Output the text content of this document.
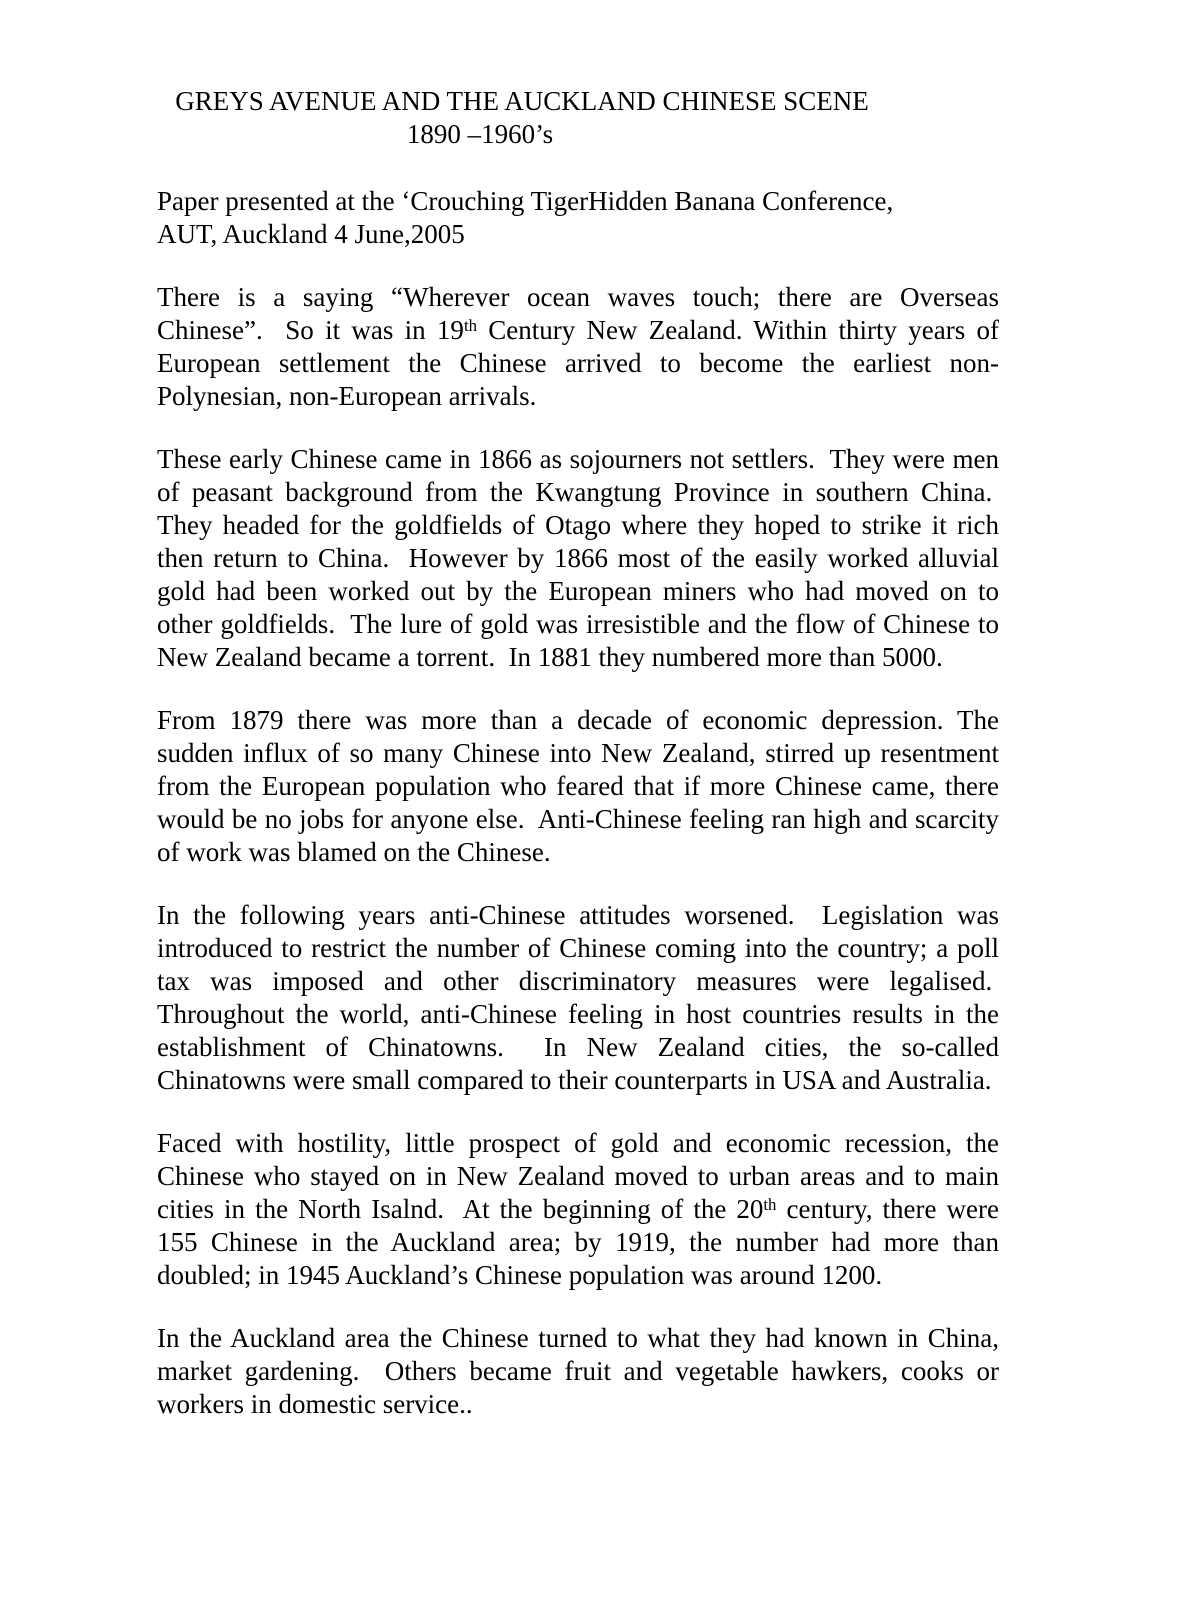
GREYS AVENUE AND THE AUCKLAND CHINESE SCENE
1890 –1960’s

Paper presented at the ‘Crouching TigerHidden Banana Conference,
AUT, Auckland 4 June,2005

There is a saying “Wherever ocean waves touch; there are Overseas Chinese”.  So it was in 19th Century New Zealand. Within thirty years of European settlement the Chinese arrived to become the earliest non-Polynesian, non-European arrivals.

These early Chinese came in 1866 as sojourners not settlers.  They were men of peasant background from the Kwangtung Province in southern China.  They headed for the goldfields of Otago where they hoped to strike it rich then return to China.  However by 1866 most of the easily worked alluvial gold had been worked out by the European miners who had moved on to other goldfields.  The lure of gold was irresistible and the flow of Chinese to New Zealand became a torrent.  In 1881 they numbered more than 5000.

From 1879 there was more than a decade of economic depression. The sudden influx of so many Chinese into New Zealand, stirred up resentment from the European population who feared that if more Chinese came, there would be no jobs for anyone else.  Anti-Chinese feeling ran high and scarcity of work was blamed on the Chinese.

In the following years anti-Chinese attitudes worsened.  Legislation was introduced to restrict the number of Chinese coming into the country; a poll tax was imposed and other discriminatory measures were legalised.  Throughout the world, anti-Chinese feeling in host countries results in the establishment of Chinatowns.  In New Zealand cities, the so-called Chinatowns were small compared to their counterparts in USA and Australia.

Faced with hostility, little prospect of gold and economic recession, the Chinese who stayed on in New Zealand moved to urban areas and to main cities in the North Isalnd.  At the beginning of the 20th century, there were 155 Chinese in the Auckland area; by 1919, the number had more than doubled; in 1945 Auckland’s Chinese population was around 1200.

In the Auckland area the Chinese turned to what they had known in China, market gardening.  Others became fruit and vegetable hawkers, cooks or workers in domestic service..
